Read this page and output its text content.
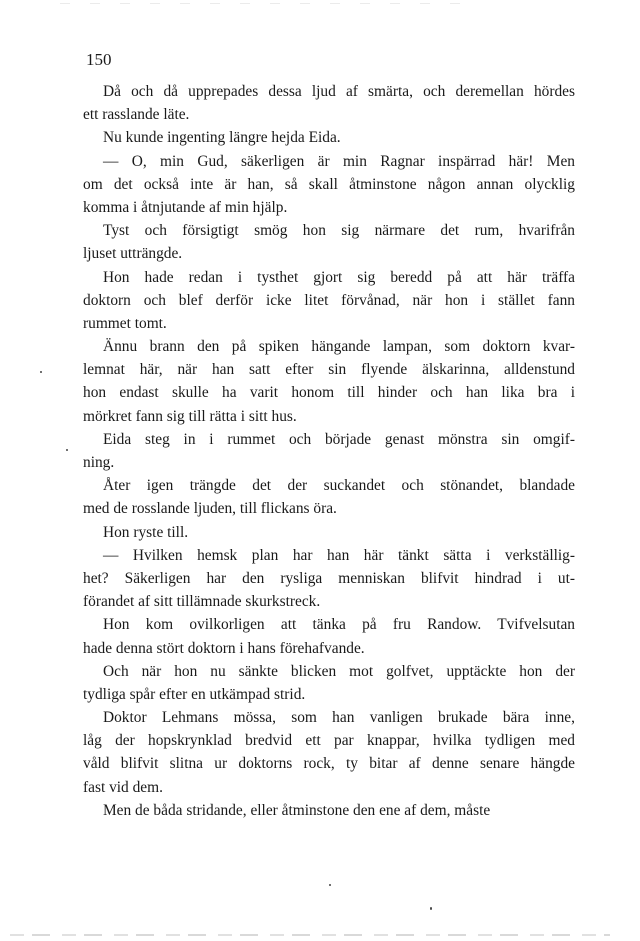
150
Då och då upprepades dessa ljud af smärta, och deremellan hördes
ett rasslande läte.
Nu kunde ingenting längre hejda Eida.
— O, min Gud, säkerligen är min Ragnar inspärrad här! Men
om det också inte är han, så skall åtminstone någon annan olycklig
komma i åtnjutande af min hjälp.
Tyst och försigtigt smög hon sig närmare det rum, hvarifrån
ljuset utträngde.
Hon hade redan i tysthet gjort sig beredd på att här träffa
doktorn och blef derför icke litet förvånad, när hon i stället fann
rummet tomt.
Ännu brann den på spiken hängande lampan, som doktorn kvar-
lemnat här, när han satt efter sin flyende älskarinna, alldenstund
hon endast skulle ha varit honom till hinder och han lika bra i
mörkret fann sig till rätta i sitt hus.
Eida steg in i rummet och började genast mönstra sin omgif-
ning.
Åter igen trängde det der suckandet och stönandet, blandade
med de rosslande ljuden, till flickans öra.
Hon ryste till.
— Hvilken hemsk plan har han här tänkt sätta i verkställig-
het? Säkerligen har den rysliga menniskan blifvit hindrad i ut-
förandet af sitt tillämnade skurkstreck.
Hon kom ovilkorligen att tänka på fru Randow. Tvifvelsutan
hade denna stört doktorn i hans förehafvande.
Och när hon nu sänkte blicken mot golfvet, upptäckte hon der
tydliga spår efter en utkämpad strid.
Doktor Lehmans mössa, som han vanligen brukade bära inne,
låg der hopskrynklad bredvid ett par knappar, hvilka tydligen med
våld blifvit slitna ur doktorns rock, ty bitar af denne senare hängde
fast vid dem.
Men de båda stridande, eller åtminstone den ene af dem, måste
